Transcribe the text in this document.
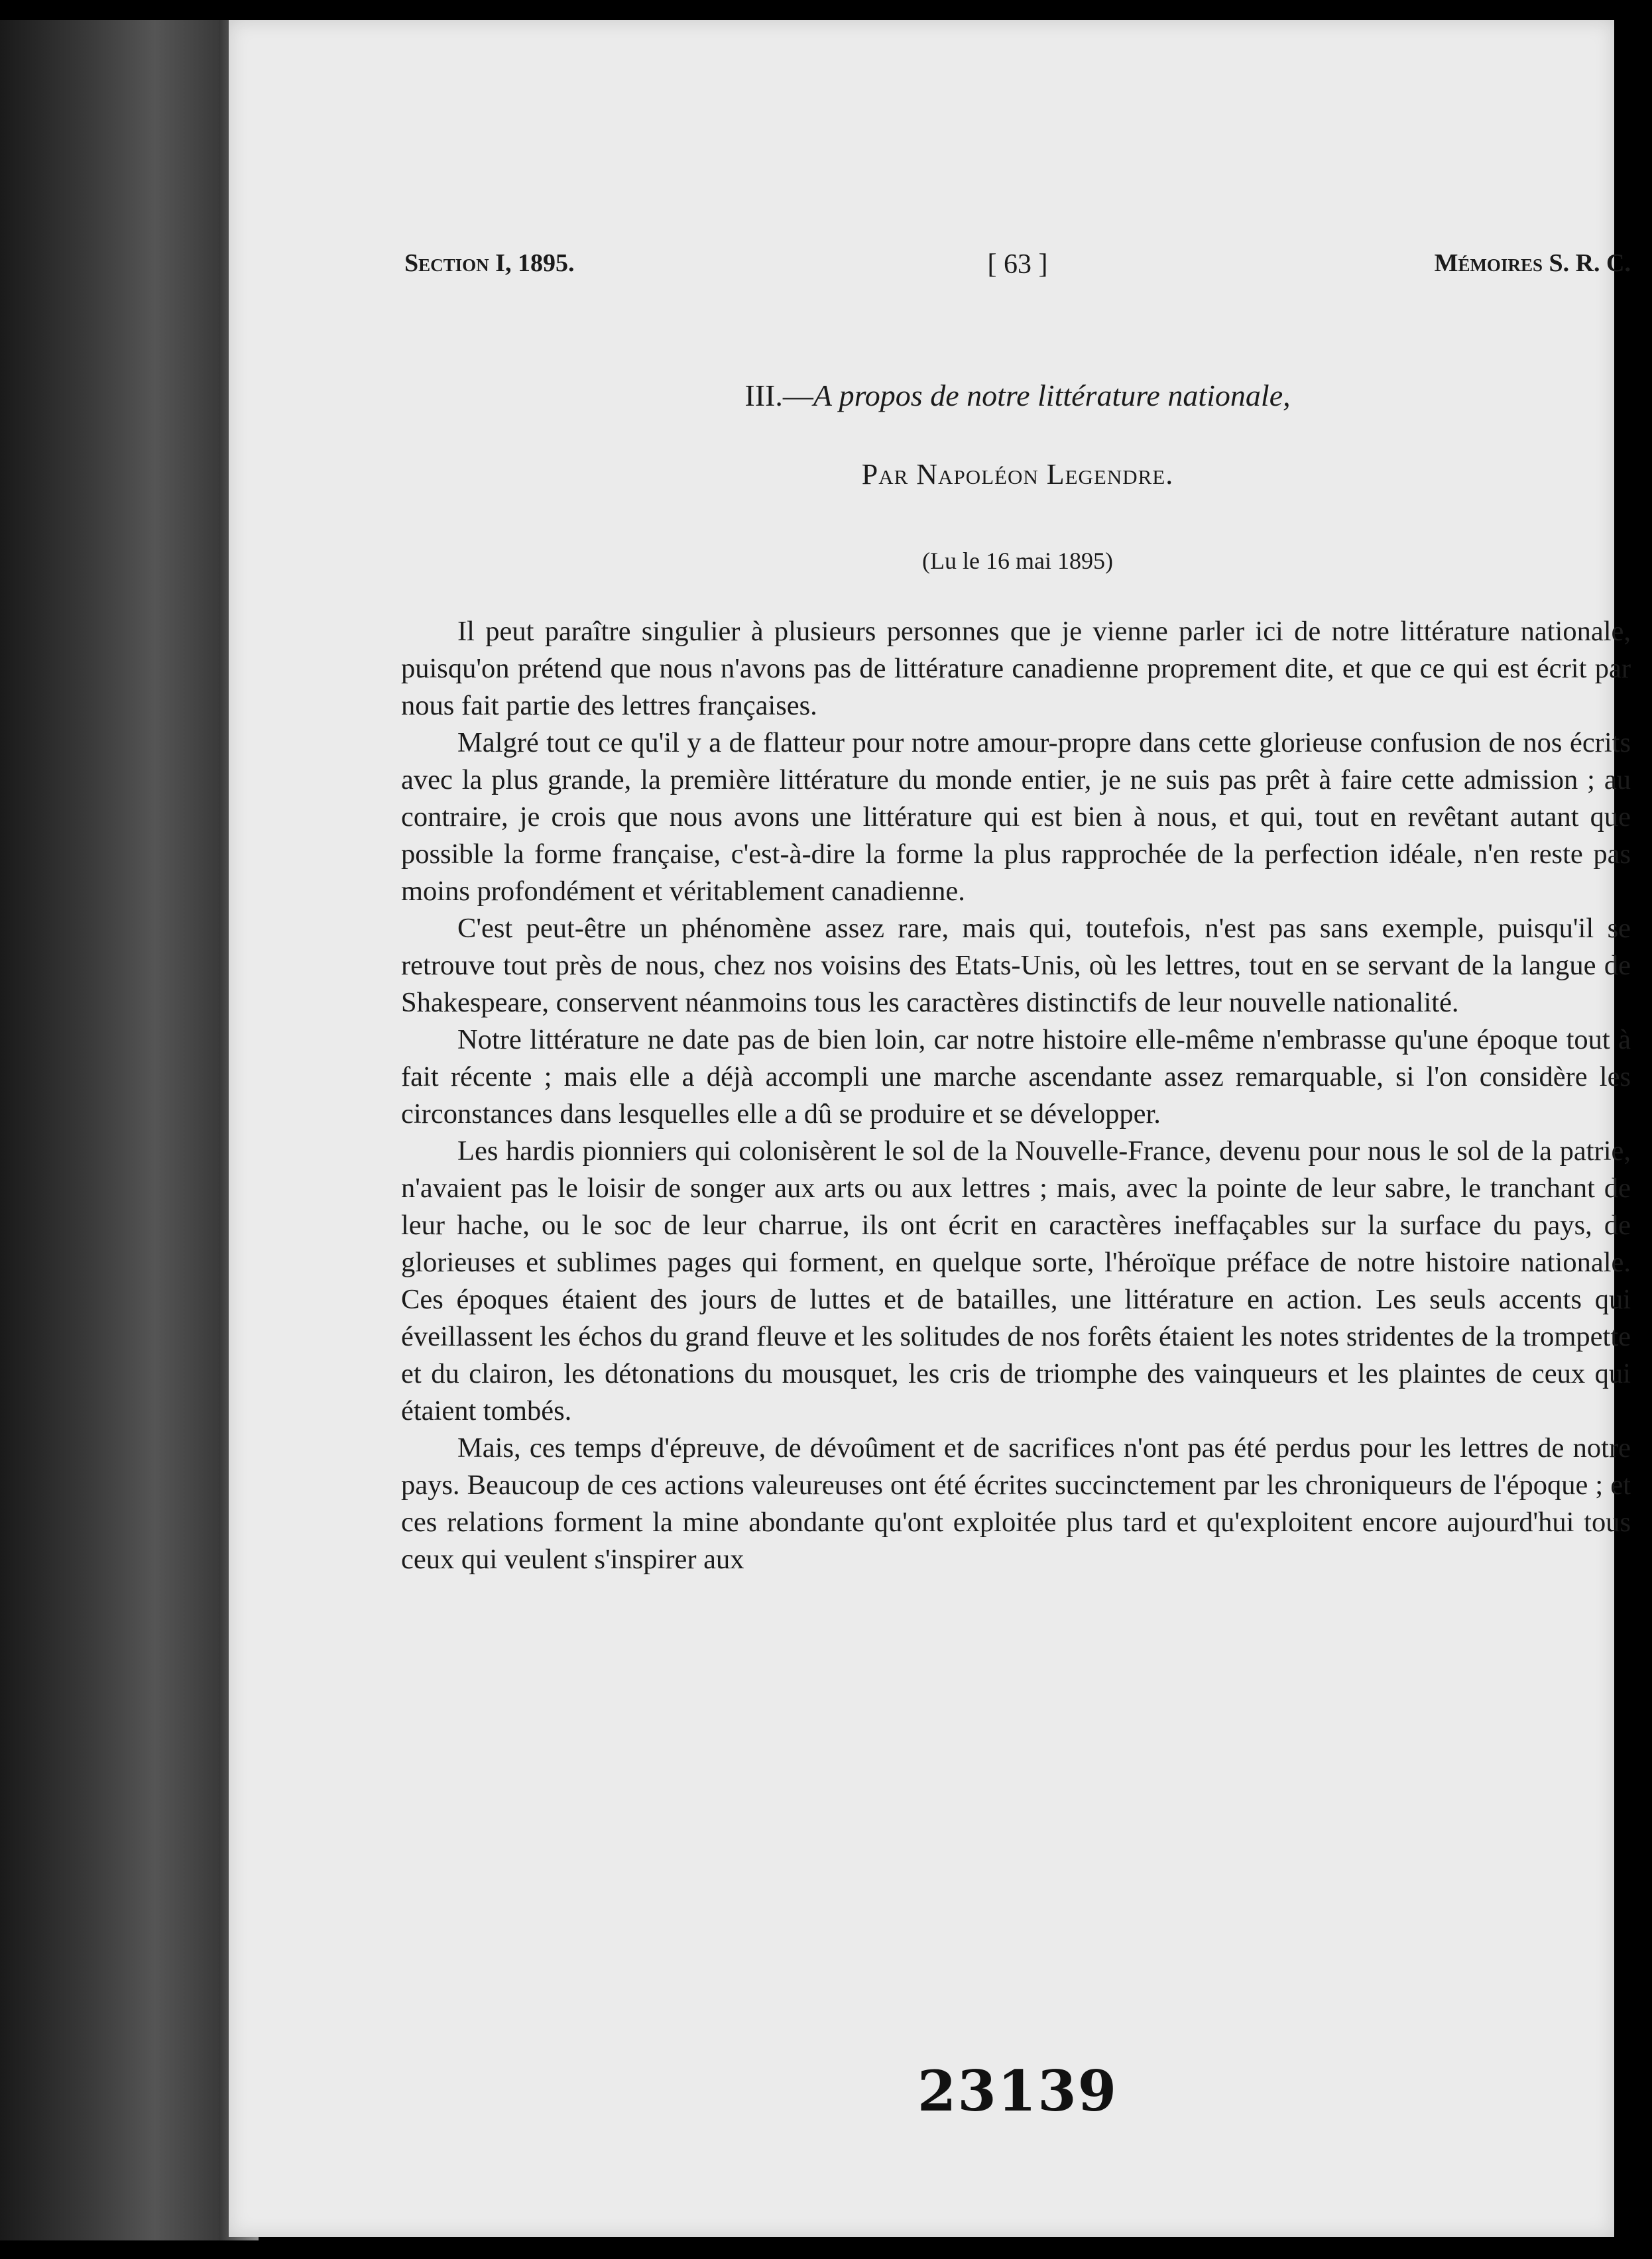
Section I, 1895.	[ 63 ]	Mémoires S. R. C.
III.—A propos de notre littérature nationale,
Par Napoléon Legendre.
(Lu le 16 mai 1895)

Il peut paraître singulier à plusieurs personnes que je vienne parler ici de notre littérature nationale, puisqu'on prétend que nous n'avons pas de littérature canadienne proprement dite, et que ce qui est écrit par nous fait partie des lettres françaises.

Malgré tout ce qu'il y a de flatteur pour notre amour-propre dans cette glorieuse confusion de nos écrits avec la plus grande, la première littérature du monde entier, je ne suis pas prêt à faire cette admission ; au contraire, je crois que nous avons une littérature qui est bien à nous, et qui, tout en revêtant autant que possible la forme française, c'est-à-dire la forme la plus rapprochée de la perfection idéale, n'en reste pas moins profondément et véritablement canadienne.

C'est peut-être un phénomène assez rare, mais qui, toutefois, n'est pas sans exemple, puisqu'il se retrouve tout près de nous, chez nos voisins des Etats-Unis, où les lettres, tout en se servant de la langue de Shakespeare, conservent néanmoins tous les caractères distinctifs de leur nouvelle nationalité.

Notre littérature ne date pas de bien loin, car notre histoire elle-même n'embrasse qu'une époque tout à fait récente ; mais elle a déjà accompli une marche ascendante assez remarquable, si l'on considère les circonstances dans lesquelles elle a dû se produire et se développer.

Les hardis pionniers qui colonisèrent le sol de la Nouvelle-France, devenu pour nous le sol de la patrie, n'avaient pas le loisir de songer aux arts ou aux lettres ; mais, avec la pointe de leur sabre, le tranchant de leur hache, ou le soc de leur charrue, ils ont écrit en caractères ineffaçables sur la surface du pays, de glorieuses et sublimes pages qui forment, en quelque sorte, l'héroïque préface de notre histoire nationale. Ces époques étaient des jours de luttes et de batailles, une littérature en action. Les seuls accents qui éveillassent les échos du grand fleuve et les solitudes de nos forêts étaient les notes stridentes de la trompette et du clairon, les détonations du mousquet, les cris de triomphe des vainqueurs et les plaintes de ceux qui étaient tombés.

Mais, ces temps d'épreuve, de dévoûment et de sacrifices n'ont pas été perdus pour les lettres de notre pays. Beaucoup de ces actions valeureuses ont été écrites succinctement par les chroniqueurs de l'époque ; et ces relations forment la mine abondante qu'ont exploitée plus tard et qu'exploitent encore aujourd'hui tous ceux qui veulent s'inspirer aux

23139
